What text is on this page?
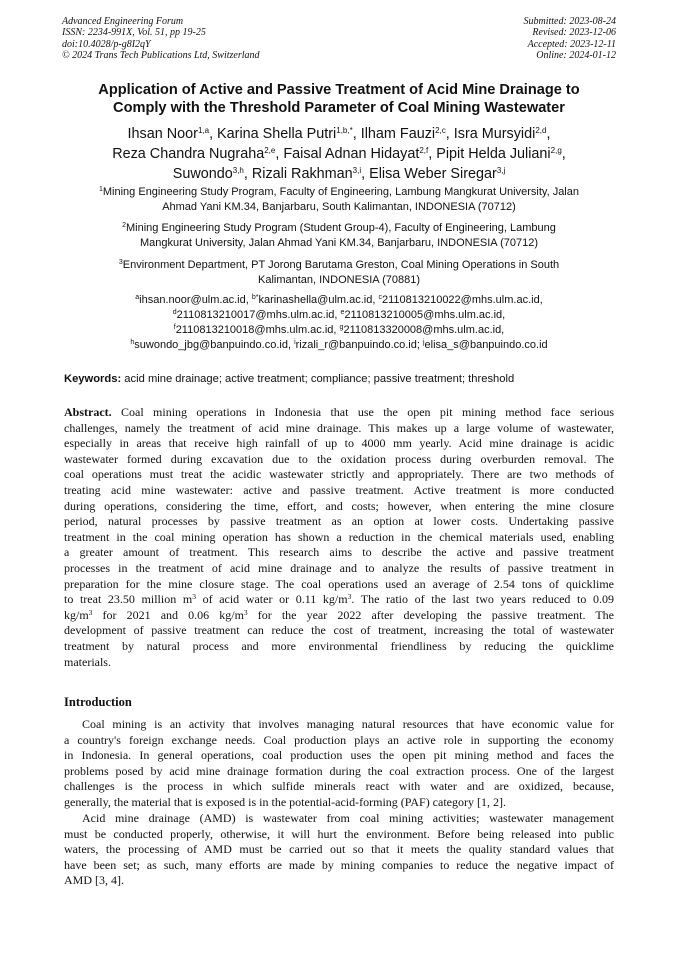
Advanced Engineering Forum
ISSN: 2234-991X, Vol. 51, pp 19-25
doi:10.4028/p-g8I2qY
© 2024 Trans Tech Publications Ltd, Switzerland
Submitted: 2023-08-24
Revised: 2023-12-06
Accepted: 2023-12-11
Online: 2024-01-12
Application of Active and Passive Treatment of Acid Mine Drainage to
Comply with the Threshold Parameter of Coal Mining Wastewater
Ihsan Noor$^{1,a}$, Karina Shella Putri$^{1,b,*}$, Ilham Fauzi$^{2,c}$, Isra Mursyidi$^{2,d}$,
Reza Chandra Nugraha$^{2,e}$, Faisal Adnan Hidayat$^{2,f}$, Pipit Helda Juliani$^{2,g}$,
Suwondo$^{3,h}$, Rizali Rakhman$^{3,i}$, Elisa Weber Siregar$^{3,j}$
$^1$Mining Engineering Study Program, Faculty of Engineering, Lambung Mangkurat University, Jalan
Ahmad Yani KM.34, Banjarbaru, South Kalimantan, INDONESIA (70712)
$^2$Mining Engineering Study Program (Student Group-4), Faculty of Engineering, Lambung
Mangkurat University, Jalan Ahmad Yani KM.34, Banjarbaru, INDONESIA (70712)
$^3$Environment Department, PT Jorong Barutama Greston, Coal Mining Operations in South
Kalimantan, INDONESIA (70881)
$^a$ihsan.noor@ulm.ac.id, $^{b*}$karinashella@ulm.ac.id, $^c$2110813210022@mhs.ulm.ac.id,
$^d$2110813210017@mhs.ulm.ac.id, $^e$2110813210005@mhs.ulm.ac.id,
$^f$2110813210018@mhs.ulm.ac.id, $^g$2110813320008@mhs.ulm.ac.id,
$^h$suwondo_jbg@banpuindo.co.id, $^i$rizali_r@banpuindo.co.id; $^j$elisa_s@banpuindo.co.id
Keywords: acid mine drainage; active treatment; compliance; passive treatment; threshold
Abstract. Coal mining operations in Indonesia that use the open pit mining method face serious
challenges, namely the treatment of acid mine drainage. This makes up a large volume of wastewater,
especially in areas that receive high rainfall of up to 4000 mm yearly. Acid mine drainage is acidic
wastewater formed during excavation due to the oxidation process during overburden removal. The
coal operations must treat the acidic wastewater strictly and appropriately. There are two methods of
treating acid mine wastewater: active and passive treatment. Active treatment is more conducted
during operations, considering the time, effort, and costs; however, when entering the mine closure
period, natural processes by passive treatment as an option at lower costs. Undertaking passive
treatment in the coal mining operation has shown a reduction in the chemical materials used, enabling
a greater amount of treatment. This research aims to describe the active and passive treatment
processes in the treatment of acid mine drainage and to analyze the results of passive treatment in
preparation for the mine closure stage. The coal operations used an average of 2.54 tons of quicklime
to treat 23.50 million $m^3$ of acid water or 0.11 $kg/m^3$. The ratio of the last two years reduced to 0.09
$kg/m^3$ for 2021 and 0.06 $kg/m^3$ for the year 2022 after developing the passive treatment. The
development of passive treatment can reduce the cost of treatment, increasing the total of wastewater
treatment by natural process and more environmental friendliness by reducing the quicklime
materials.
Introduction
Coal mining is an activity that involves managing natural resources that have economic value for
a country's foreign exchange needs. Coal production plays an active role in supporting the economy
in Indonesia. In general operations, coal production uses the open pit mining method and faces the
problems posed by acid mine drainage formation during the coal extraction process. One of the largest
challenges is the process in which sulfide minerals react with water and are oxidized, because,
generally, the material that is exposed is in the potential-acid-forming (PAF) category [1, 2].
Acid mine drainage (AMD) is wastewater from coal mining activities; wastewater management
must be conducted properly, otherwise, it will hurt the environment. Before being released into public
waters, the processing of AMD must be carried out so that it meets the quality standard values that
have been set; as such, many efforts are made by mining companies to reduce the negative impact of
AMD [3, 4].
